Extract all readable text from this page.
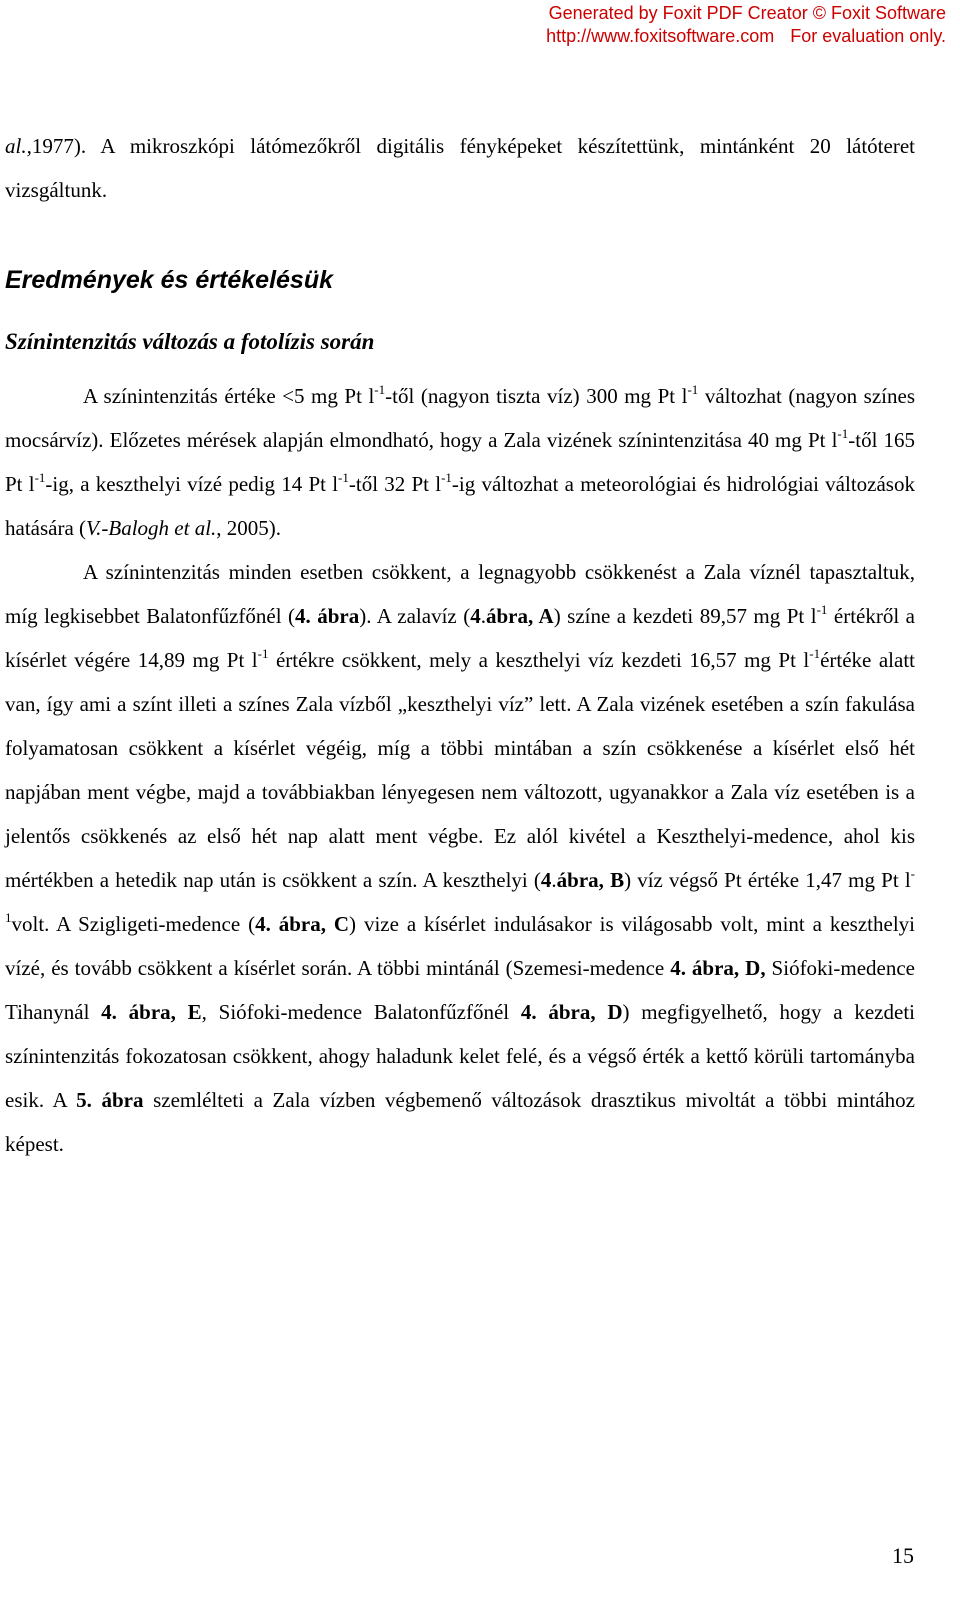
Generated by Foxit PDF Creator © Foxit Software
http://www.foxitsoftware.com For evaluation only.
al.,1977). A mikroszkópi látómezőkről digitális fényképeket készítettünk, mintánként 20 látóteret vizsgáltunk.
Eredmények és értékelésük
Színintenzitás változás a fotolízis során

A színintenzitás értéke <5 mg Pt $l^{-1}$-től (nagyon tiszta víz) 300 mg Pt $l^{-1}$ változhat (nagyon színes mocsárvíz). Előzetes mérések alapján elmondható, hogy a Zala vizének színintenzitása 40 mg Pt $l^{-1}$-től 165 Pt $l^{-1}-ig$, a keszthelyi vízé pedig 14 Pt $l^{-1}$-től 32 Pt $l^{-1}-ig$ változhat a meteorológiai és hidrológiai változások hatására (V.-Balogh et al., 2005).

A színintenzitás minden esetben csökkent, a legnagyobb csökkenést a Zala víznél tapasztaltuk, míg legkisebbet Balatonfűzfőnél (4. ábra). A zalavíz (4.ábra, A) színe a kezdeti 89,57 mg Pt $l^{-1}$ értékről a kísérlet végére 14,89 mg Pt $l^{-1}$ értékre csökkent, mely a keszthelyi víz kezdeti 16,57 mg Pt $l^{-1}értéke$ alatt van, így ami a színt illeti a színes Zala vízből „keszthelyi víz” lett. A Zala vizének esetében a szín fakulása folyamatosan csökkent a kísérlet végéig, míg a többi mintában a szín csökkenése a kísérlet első hét napjában ment végbe, majd a továbbiakban lényegesen nem változott, ugyanakkor a Zala víz esetében is a jelentős csökkenés az első hét nap alatt ment végbe. Ez alól kivétel a Keszthelyi-medence, ahol kis mértékben a hetedik nap után is csökkent a szín. A keszthelyi (4.ábra, B) víz végső Pt értéke 1,47 mg Pt $l^{-1}volt$. A Szigligeti-medence (4. ábra, C) vize a kísérlet indulásakor is világosabb volt, mint a keszthelyi vízé, és tovább csökkent a kísérlet során. A többi mintánál (Szemesi-medence 4. ábra, D, Siófoki-medence Tihanynál 4. ábra, E, Siófoki-medence Balatonfűzfőnél 4. ábra, D) megfigyelhető, hogy a kezdeti színintenzitás fokozatosan csökkent, ahogy haladunk kelet felé, és a végső érték a kettő körüli tartományba esik. A 5. ábra szemlélteti a Zala vízben végbemenő változások drasztikus mivoltát a többi mintához képest.

15
